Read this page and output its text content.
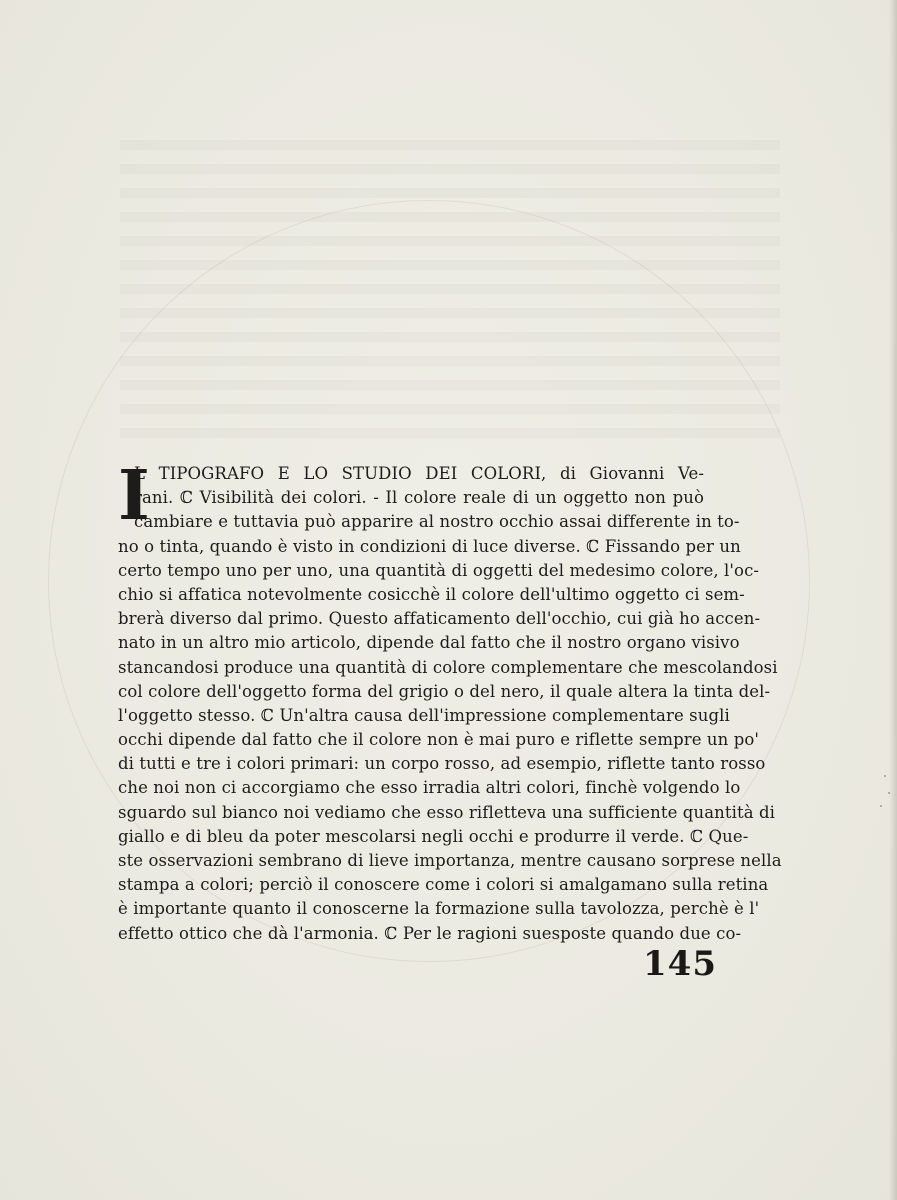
I
L TIPOGRAFO E LO STUDIO DEI COLORI, di Giovanni Ve-
rani. ℂ Visibilità dei colori. - Il colore reale di un oggetto non può
cambiare e tuttavia può apparire al nostro occhio assai differente in to-
no o tinta, quando è visto in condizioni di luce diverse. ℂ Fissando per un
certo tempo uno per uno, una quantità di oggetti del medesimo colore, l'oc-
chio si affatica notevolmente cosicchè il colore dell'ultimo oggetto ci sem-
brerà diverso dal primo. Questo affaticamento dell'occhio, cui già ho accen-
nato in un altro mio articolo, dipende dal fatto che il nostro organo visivo
stancandosi produce una quantità di colore complementare che mescolandosi
col colore dell'oggetto forma del grigio o del nero, il quale altera la tinta del-
l'oggetto stesso. ℂ Un'altra causa dell'impressione complementare sugli
occhi dipende dal fatto che il colore non è mai puro e riflette sempre un po'
di tutti e tre i colori primari: un corpo rosso, ad esempio, riflette tanto rosso
che noi non ci accorgiamo che esso irradia altri colori, finchè volgendo lo
sguardo sul bianco noi vediamo che esso rifletteva una sufficiente quantità di
giallo e di bleu da poter mescolarsi negli occhi e produrre il verde. ℂ Que-
ste osservazioni sembrano di lieve importanza, mentre causano sorprese nella
stampa a colori; perciò il conoscere come i colori si amalgamano sulla retina
è importante quanto il conoscerne la formazione sulla tavolozza, perchè è l'
effetto ottico che dà l'armonia. ℂ Per le ragioni suesposte quando due co-
145
